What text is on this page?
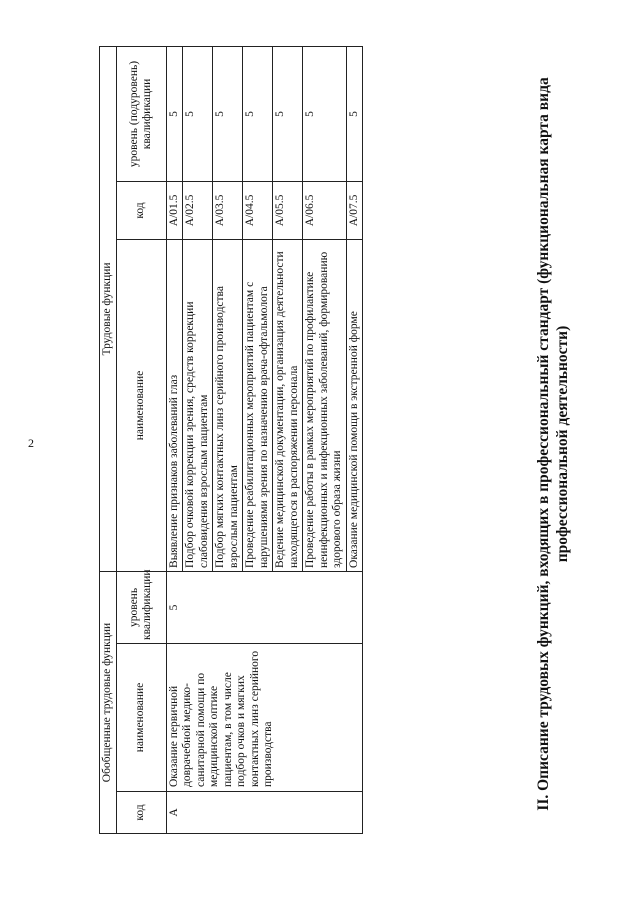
2	II. Описание трудовых функций, входящих в профессиональный стандарт (функциональная карта вида профессиональной деятельности)
Обобщенные трудовые функции			Трудовые функции		
код	наименование	уровень квалификации	наименование	код	уровень (подуровень) квалификации
A	Оказание первичной доврачебной медико-санитарной помощи по медицинской оптике пациентам, в том числе подбор очков и мягких контактных линз серийного производства	5	Выявление признаков заболеваний глаз	A/01.5	5
			Подбор очковой коррекции зрения, средств коррекции слабовидения взрослым пациентам	A/02.5	5
			Подбор мягких контактных линз серийного производства взрослым пациентам	A/03.5	5
			Проведение реабилитационных мероприятий пациентам с нарушениями зрения по назначению врача-офтальмолога	A/04.5	5
			Ведение медицинской документации, организация деятельности находящегося в распоряжении персонала	A/05.5	5
			Проведение работы в рамках мероприятий по профилактике неинфекционных и инфекционных заболеваний, формированию здорового образа жизни	A/06.5	5
			Оказание медицинской помощи в экстренной форме	A/07.5	5
